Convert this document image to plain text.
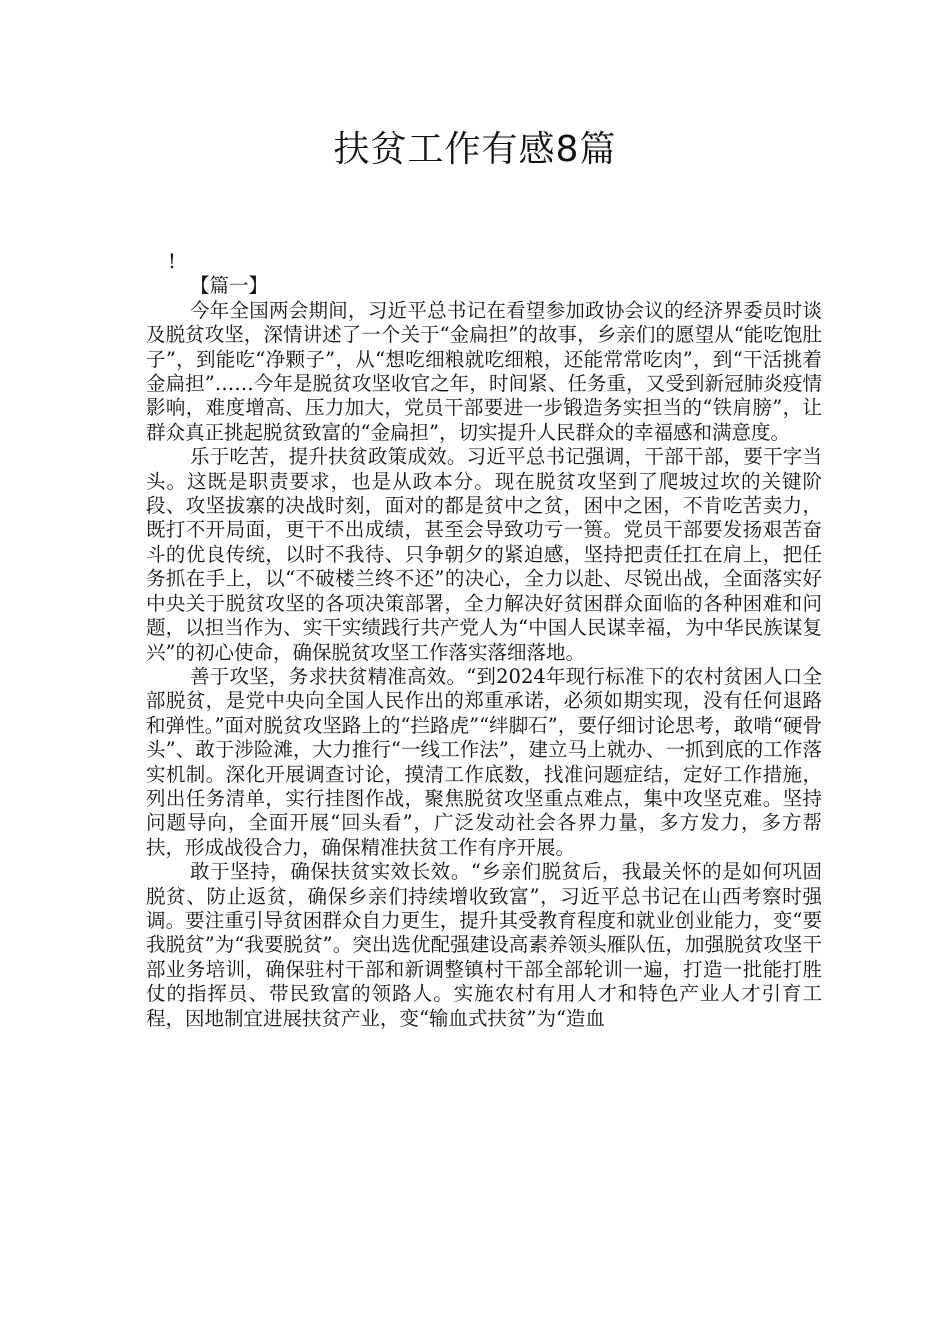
扶贫工作有感8篇

!

【篇一】

今年全国两会期间，习近平总书记在看望参加政协会议的经济界委员时谈及脱贫攻坚，深情讲述了一个关于“金扁担”的故事，乡亲们的愿望从“能吃饱肚子”，到能吃“净颗子”，从“想吃细粮就吃细粮，还能常常吃肉”，到“干活挑着金扁担”……今年是脱贫攻坚收官之年，时间紧、任务重，又受到新冠肺炎疫情影响，难度增高、压力加大，党员干部要进一步锻造务实担当的“铁肩膀”，让群众真正挑起脱贫致富的“金扁担”，切实提升人民群众的幸福感和满意度。

乐于吃苦，提升扶贫政策成效。习近平总书记强调，干部干部，要干字当头。这既是职责要求，也是从政本分。现在脱贫攻坚到了爬坡过坎的关键阶段、攻坚拔寨的决战时刻，面对的都是贫中之贫，困中之困，不肯吃苦卖力，既打不开局面，更干不出成绩，甚至会导致功亏一篑。党员干部要发扬艰苦奋斗的优良传统，以时不我待、只争朝夕的紧迫感，坚持把责任扛在肩上，把任务抓在手上，以“不破楼兰终不还”的决心，全力以赴、尽锐出战，全面落实好中央关于脱贫攻坚的各项决策部署，全力解决好贫困群众面临的各种困难和问题，以担当作为、实干实绩践行共产党人为“中国人民谋幸福，为中华民族谋复兴”的初心使命，确保脱贫攻坚工作落实落细落地。

善于攻坚，务求扶贫精准高效。“到2024年现行标准下的农村贫困人口全部脱贫，是党中央向全国人民作出的郑重承诺，必须如期实现，没有任何退路和弹性。”面对脱贫攻坚路上的“拦路虎”“绊脚石”，要仔细讨论思考，敢啃“硬骨头”、敢于涉险滩，大力推行“一线工作法”，建立马上就办、一抓到底的工作落实机制。深化开展调查讨论，摸清工作底数，找准问题症结，定好工作措施，列出任务清单，实行挂图作战，聚焦脱贫攻坚重点难点，集中攻坚克难。坚持问题导向，全面开展“回头看”，广泛发动社会各界力量，多方发力，多方帮扶，形成战役合力，确保精准扶贫工作有序开展。

敢于坚持，确保扶贫实效长效。“乡亲们脱贫后，我最关怀的是如何巩固脱贫、防止返贫，确保乡亲们持续增收致富”，习近平总书记在山西考察时强调。要注重引导贫困群众自力更生，提升其受教育程度和就业创业能力，变“要我脱贫”为“我要脱贫”。突出选优配强建设高素养领头雁队伍，加强脱贫攻坚干部业务培训，确保驻村干部和新调整镇村干部全部轮训一遍，打造一批能打胜仗的指挥员、带民致富的领路人。实施农村有用人才和特色产业人才引育工程，因地制宜进展扶贫产业，变“输血式扶贫”为“造血
